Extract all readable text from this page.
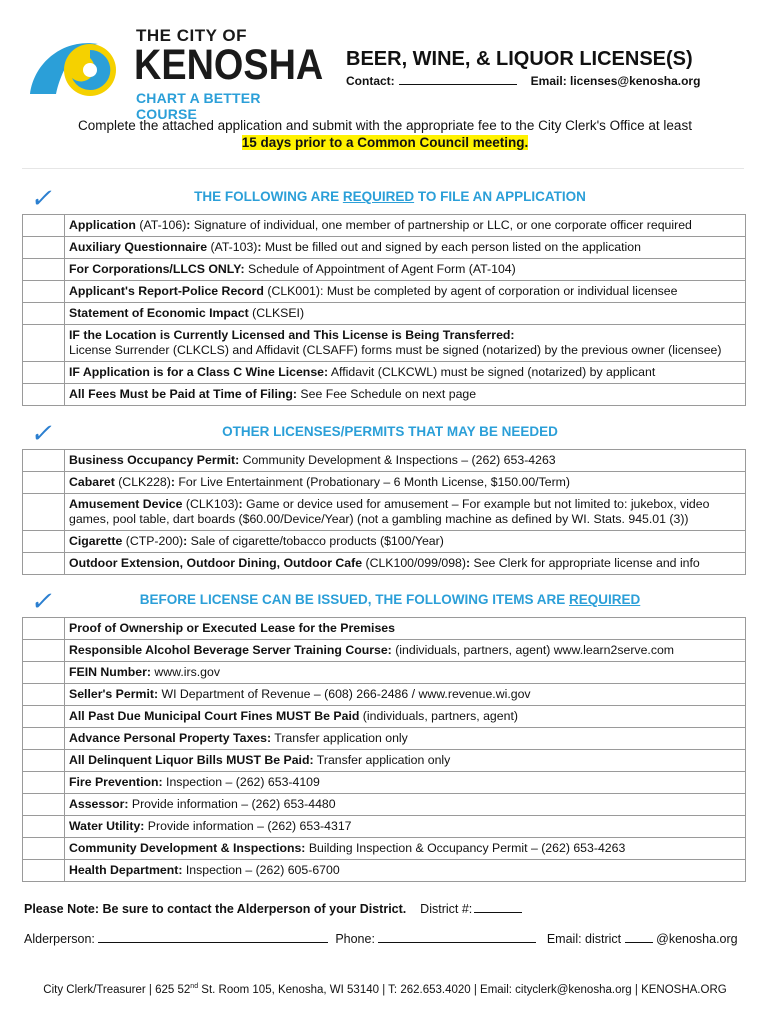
THE CITY OF
KENOSHA
CHART A BETTER COURSE
BEER, WINE, & LIQUOR LICENSE(S)
Contact:	Email: licenses@kenosha.org
Complete the attached application and submit with the appropriate fee to the City Clerk's Office at least
15 days prior to a Common Council meeting.
✓	THE FOLLOWING ARE REQUIRED TO FILE AN APPLICATION
	Application (AT-106): Signature of individual, one member of partnership or LLC, or one corporate officer required
	Auxiliary Questionnaire (AT-103): Must be filled out and signed by each person listed on the application
	For Corporations/LLCS ONLY: Schedule of Appointment of Agent Form (AT-104)
	Applicant's Report-Police Record (CLK001): Must be completed by agent of corporation or individual licensee
	Statement of Economic Impact (CLKSEI)
	IF the Location is Currently Licensed and This License is Being Transferred:
License Surrender (CLKCLS) and Affidavit (CLSAFF) forms must be signed (notarized) by the previous owner (licensee)
	IF Application is for a Class C Wine License: Affidavit (CLKCWL) must be signed (notarized) by applicant
	All Fees Must be Paid at Time of Filing: See Fee Schedule on next page
✓	OTHER LICENSES/PERMITS THAT MAY BE NEEDED
	Business Occupancy Permit: Community Development & Inspections – (262) 653-4263
	Cabaret (CLK228): For Live Entertainment (Probationary – 6 Month License, $150.00/Term)
	Amusement Device (CLK103): Game or device used for amusement – For example but not limited to: jukebox, video games, pool table, dart boards ($60.00/Device/Year) (not a gambling machine as defined by WI. Stats. 945.01 (3))
	Cigarette (CTP-200): Sale of cigarette/tobacco products ($100/Year)
	Outdoor Extension, Outdoor Dining, Outdoor Cafe (CLK100/099/098): See Clerk for appropriate license and info
✓	BEFORE LICENSE CAN BE ISSUED, THE FOLLOWING ITEMS ARE REQUIRED
	Proof of Ownership or Executed Lease for the Premises
	Responsible Alcohol Beverage Server Training Course: (individuals, partners, agent) www.learn2serve.com
	FEIN Number: www.irs.gov
	Seller's Permit: WI Department of Revenue – (608) 266-2486 / www.revenue.wi.gov
	All Past Due Municipal Court Fines MUST Be Paid (individuals, partners, agent)
	Advance Personal Property Taxes: Transfer application only
	All Delinquent Liquor Bills MUST Be Paid: Transfer application only
	Fire Prevention: Inspection – (262) 653-4109
	Assessor: Provide information – (262) 653-4480
	Water Utility: Provide information – (262) 653-4317
	Community Development & Inspections: Building Inspection & Occupancy Permit – (262) 653-4263
	Health Department: Inspection – (262) 605-6700
Please Note: Be sure to contact the Alderperson of your District. District #:
Alderperson:	Phone:	Email: district	@kenosha.org
City Clerk/Treasurer | 625 52nd St. Room 105, Kenosha, WI 53140 | T: 262.653.4020 | Email: cityclerk@kenosha.org | KENOSHA.ORG
